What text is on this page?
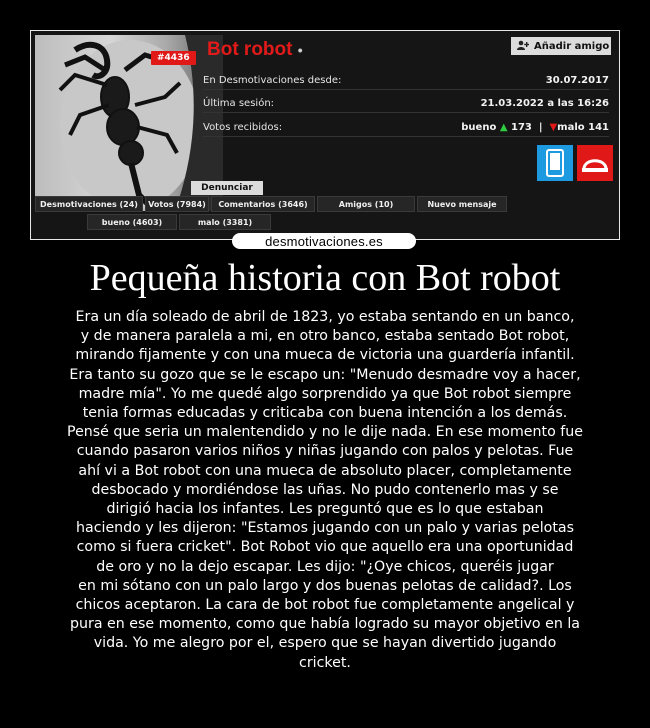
#4436 Bot robot •	Añadir amigo
En Desmotivaciones desde:	30.07.2017
Última sesión:	21.03.2022 a las 16:26
Votos recibidos:	bueno ▲ 173 | ▼malo 141
Denunciar
Desmotivaciones (24)	Votos (7984)	Comentarios (3646)	Amigos (10)	Nuevo mensaje
bueno (4603)	malo (3381)
desmotivaciones.es
Pequeña historia con Bot robot
Era un día soleado de abril de 1823, yo estaba sentando en un banco,
y de manera paralela a mi, en otro banco, estaba sentado Bot robot,
mirando fijamente y con una mueca de victoria una guardería infantil.
Era tanto su gozo que se le escapo un: "Menudo desmadre voy a hacer,
madre mía". Yo me quedé algo sorprendido ya que Bot robot siempre
tenia formas educadas y criticaba con buena intención a los demás.
Pensé que seria un malentendido y no le dije nada. En ese momento fue
cuando pasaron varios niños y niñas jugando con palos y pelotas. Fue
ahí vi a Bot robot con una mueca de absoluto placer, completamente
desbocado y mordiéndose las uñas. No pudo contenerlo mas y se
dirigió hacia los infantes. Les preguntó que es lo que estaban
haciendo y les dijeron: "Estamos jugando con un palo y varias pelotas
como si fuera cricket". Bot Robot vio que aquello era una oportunidad
de oro y no la dejo escapar. Les dijo: "¿Oye chicos, queréis jugar
en mi sótano con un palo largo y dos buenas pelotas de calidad?. Los
chicos aceptaron. La cara de bot robot fue completamente angelical y
pura en ese momento, como que había logrado su mayor objetivo en la
vida. Yo me alegro por el, espero que se hayan divertido jugando
cricket.
